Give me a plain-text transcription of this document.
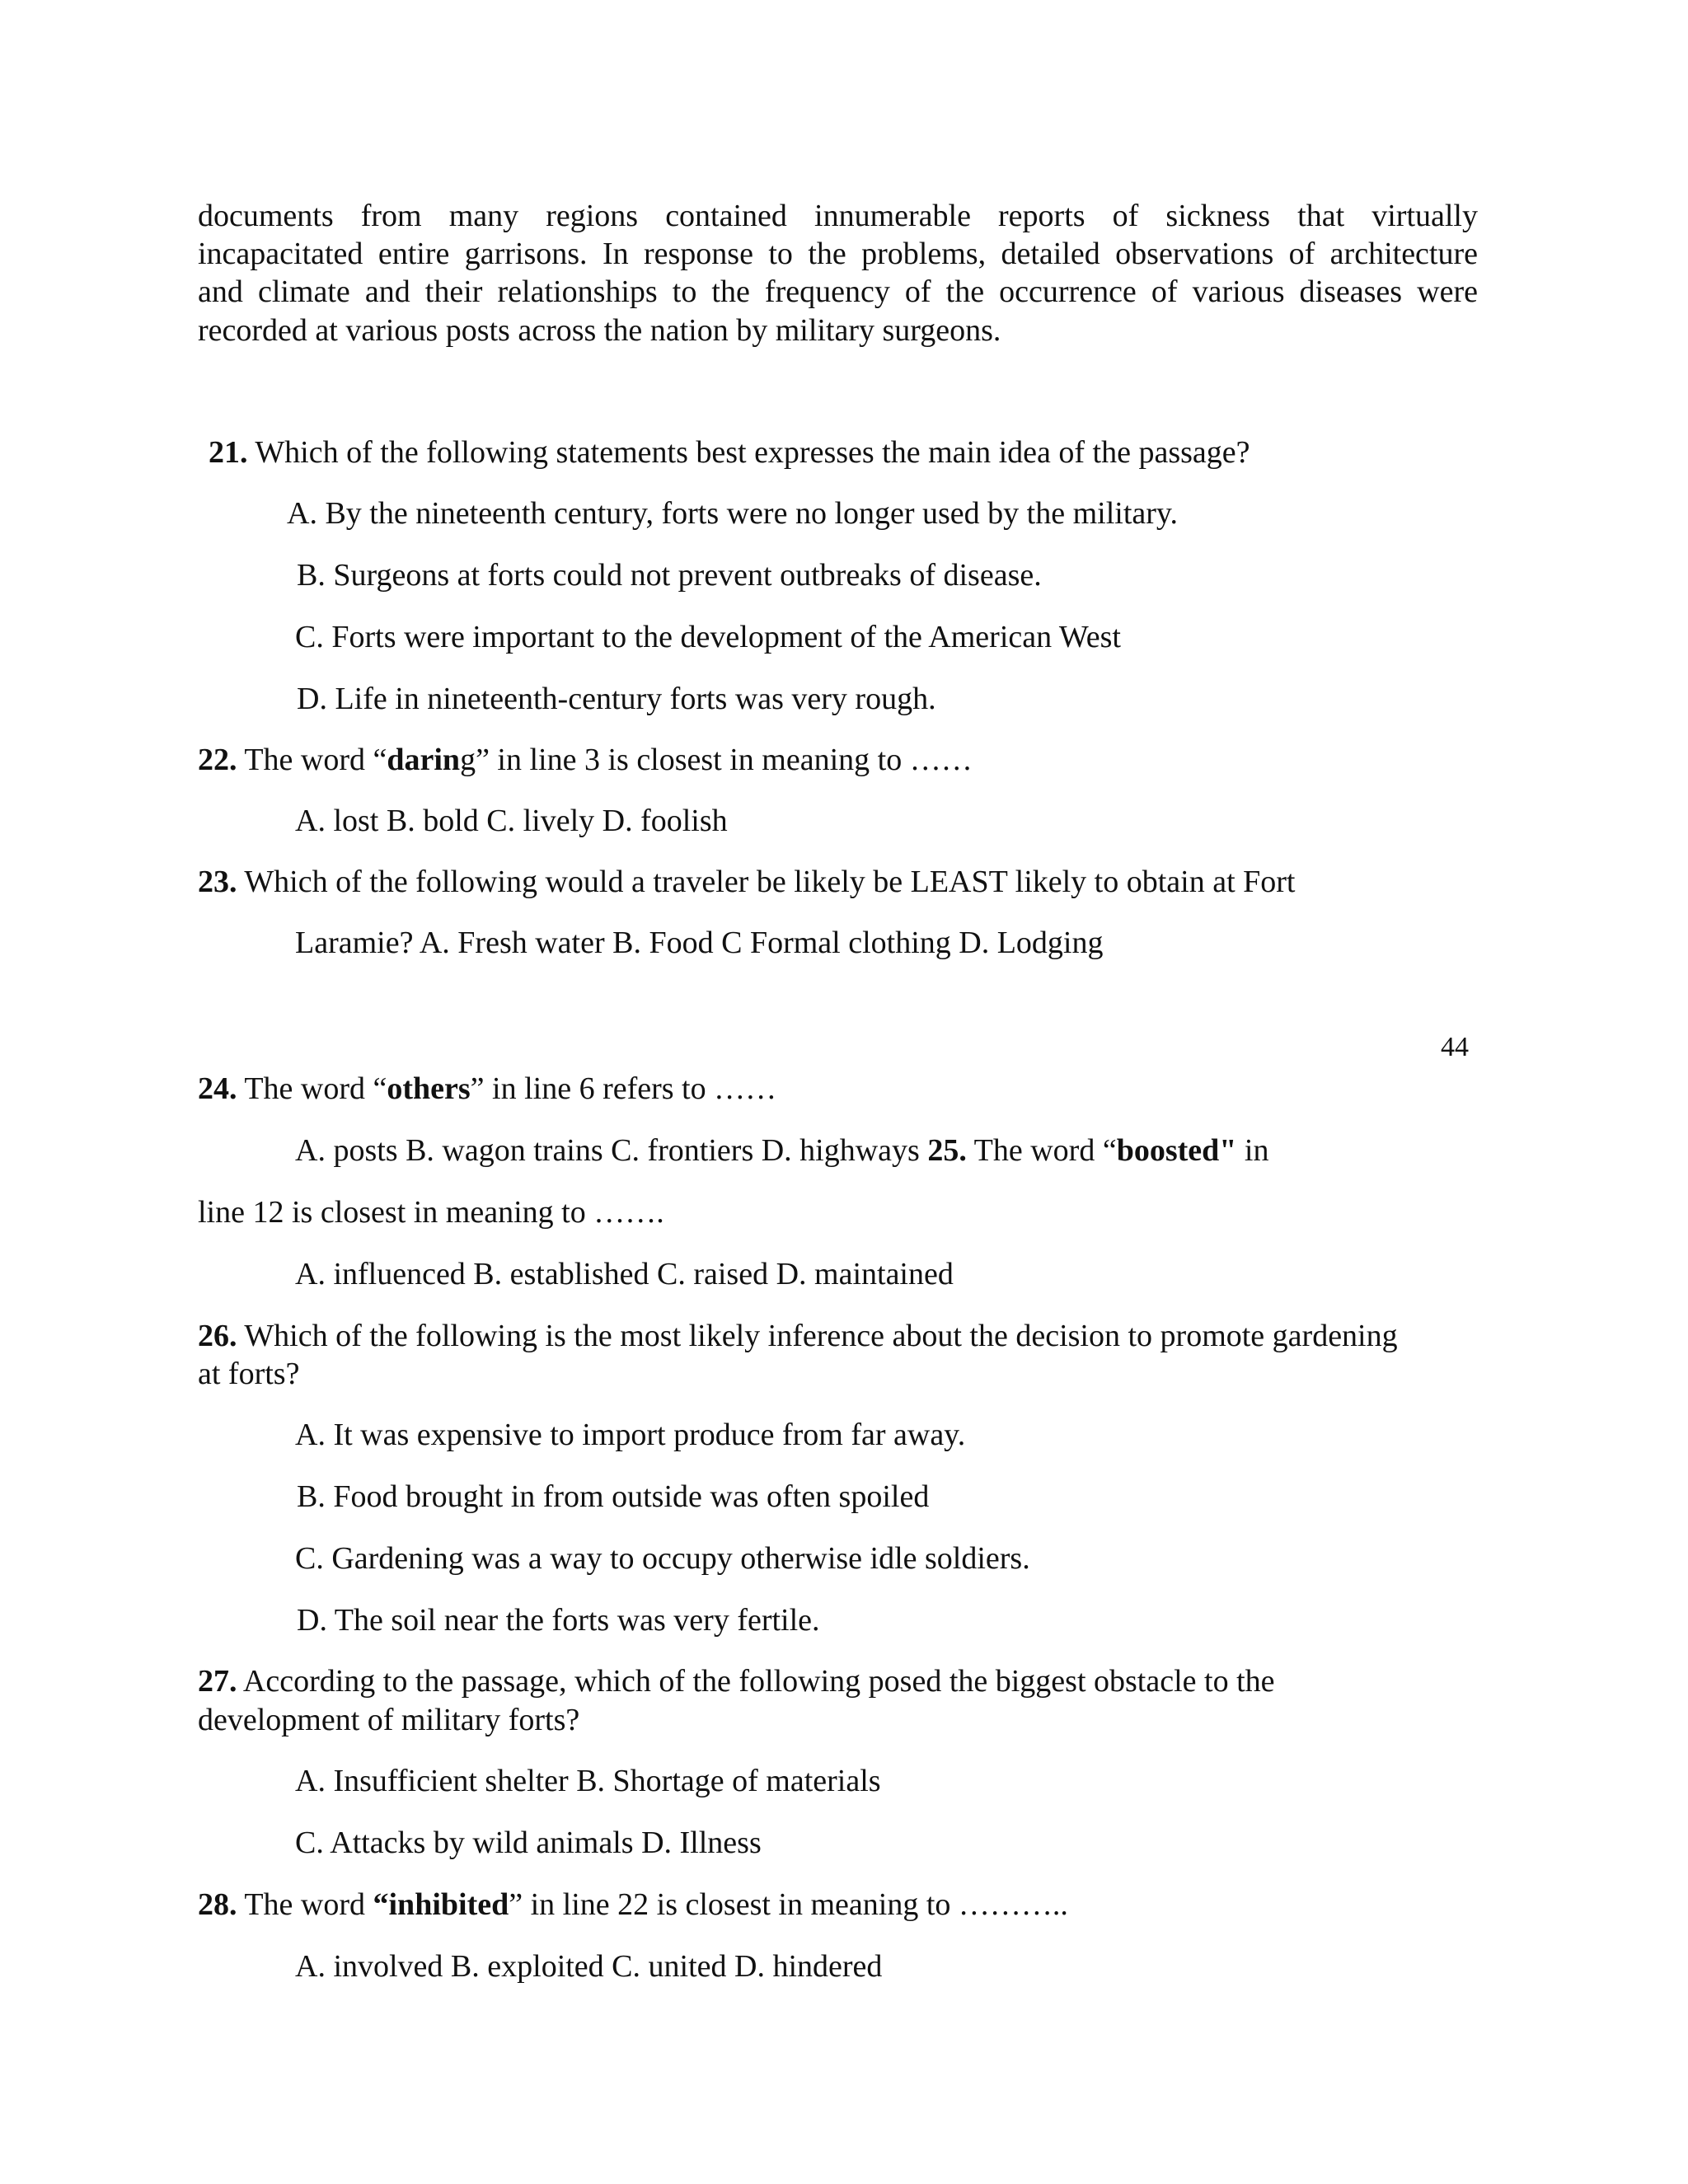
documents from many regions contained innumerable reports of sickness that virtually
incapacitated entire garrisons. In response to the problems, detailed observations of architecture
and climate and their relationships to the frequency of the occurrence of various diseases were
recorded at various posts across the nation by military surgeons.
21. Which of the following statements best expresses the main idea of the passage?
A. By the nineteenth century, forts were no longer used by the military.
B. Surgeons at forts could not prevent outbreaks of disease.
C. Forts were important to the development of the American West
D. Life in nineteenth-century forts was very rough.
22. The word “daring” in line 3 is closest in meaning to ……
A. lost B. bold C. lively D. foolish
23. Which of the following would a traveler be likely be LEAST likely to obtain at Fort
Laramie? A. Fresh water B. Food C Formal clothing D. Lodging
44
24. The word “others” in line 6 refers to ……
A. posts B. wagon trains C. frontiers D. highways 25. The word “boosted" in
line 12 is closest in meaning to …….
A. influenced B. established C. raised D. maintained
26. Which of the following is the most likely inference about the decision to promote gardening
at forts?
A. It was expensive to import produce from far away.
B. Food brought in from outside was often spoiled
C. Gardening was a way to occupy otherwise idle soldiers.
D. The soil near the forts was very fertile.
27. According to the passage, which of the following posed the biggest obstacle to the
development of military forts?
A. Insufficient shelter B. Shortage of materials
C. Attacks by wild animals D. Illness
28. The word “inhibited” in line 22 is closest in meaning to ………..
A. involved B. exploited C. united D. hindered
